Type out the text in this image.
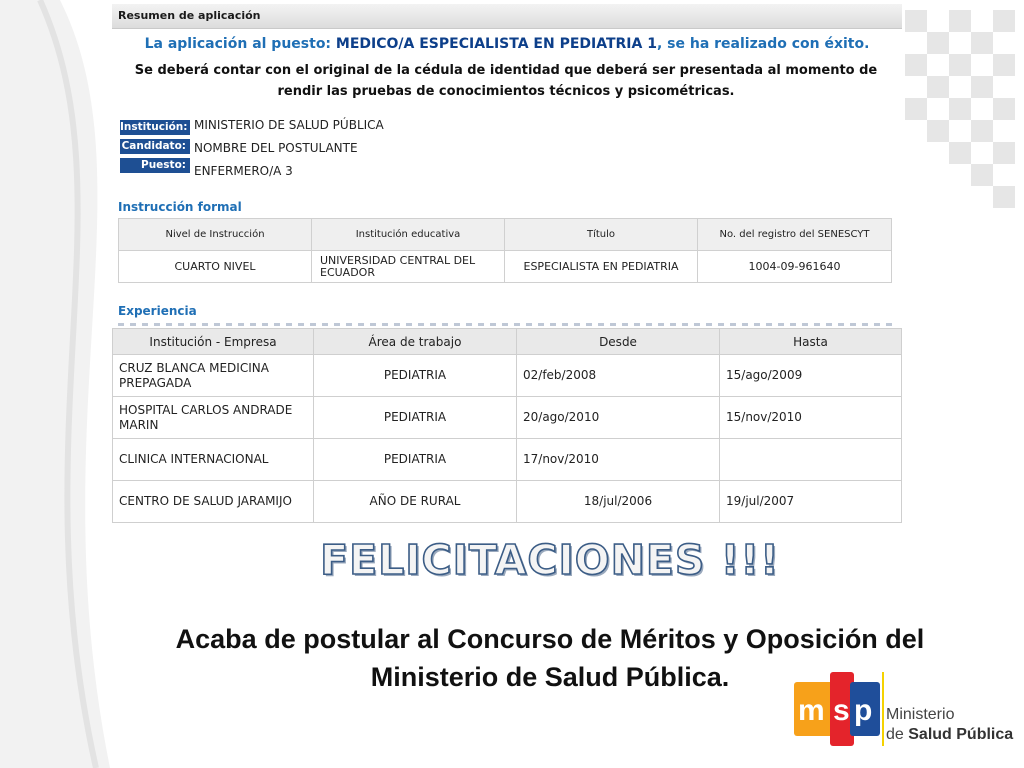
Resumen de aplicación
La aplicación al puesto: MEDICO/A ESPECIALISTA EN PEDIATRIA 1, se ha realizado con éxito.
Se deberá contar con el original de la cédula de identidad que deberá ser presentada al momento de rendir las pruebas de conocimientos técnicos y psicométricas.
Institución: MINISTERIO DE SALUD PÚBLICA
Candidato: NOMBRE DEL POSTULANTE
Puesto: ENFERMERO/A 3
Instrucción formal
Nivel de Instrucción	Institución educativa	Título	No. del registro del SENESCYT
CUARTO NIVEL	UNIVERSIDAD CENTRAL DEL ECUADOR	ESPECIALISTA EN PEDIATRIA	1004-09-961640
Experiencia
Institución - Empresa	Área de trabajo	Desde	Hasta
CRUZ BLANCA MEDICINA PREPAGADA	PEDIATRIA	02/feb/2008	15/ago/2009
HOSPITAL CARLOS ANDRADE MARIN	PEDIATRIA	20/ago/2010	15/nov/2010
CLINICA INTERNACIONAL	PEDIATRIA	17/nov/2010	
CENTRO DE SALUD JARAMIJO	AÑO DE RURAL	18/jul/2006	19/jul/2007
FELICITACIONES !!!
Acaba de postular al Concurso de Méritos y Oposición del Ministerio de Salud Pública.
m s p Ministerio
de Salud Pública
